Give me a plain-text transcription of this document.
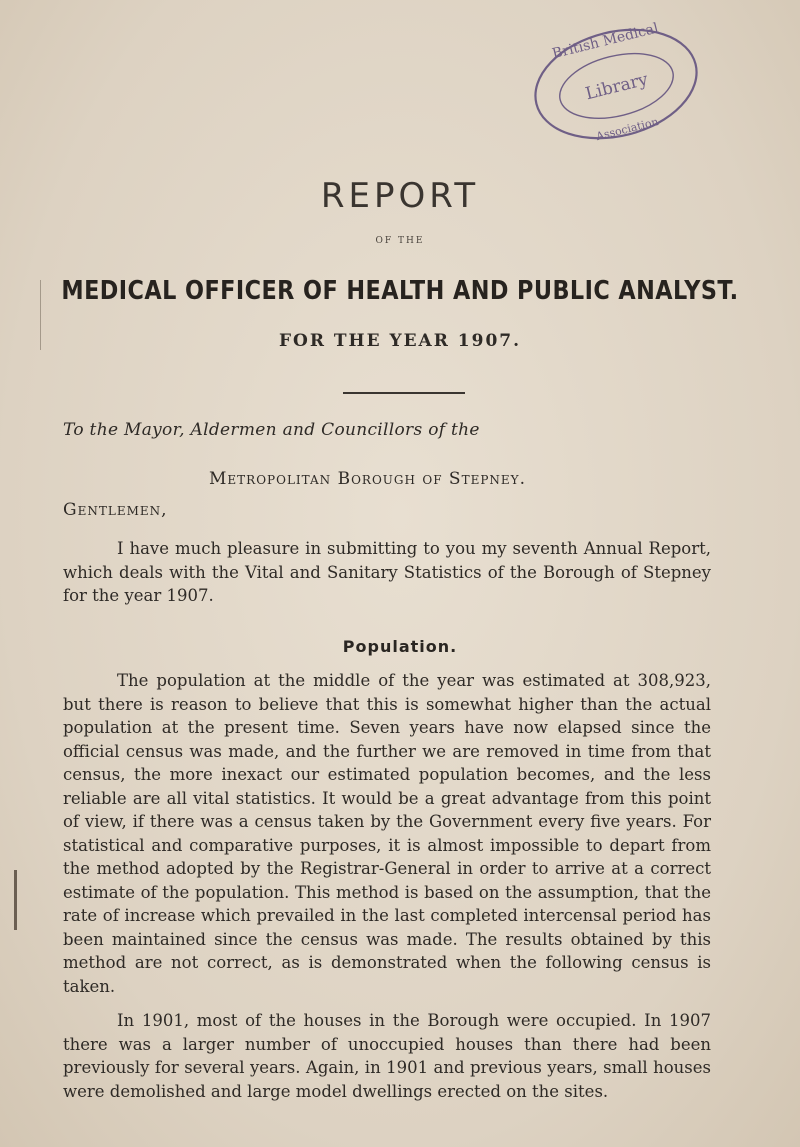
British Medical
Library
Association
REPORT
OF THE
MEDICAL OFFICER OF HEALTH AND PUBLIC ANALYST.
FOR THE YEAR 1907.
To the Mayor, Aldermen and Councillors of the
Metropolitan Borough of Stepney.
Gentlemen,

I have much pleasure in submitting to you my seventh Annual Report, which deals with the Vital and Sanitary Statistics of the Borough of Stepney for the year 1907.

Population.

The population at the middle of the year was estimated at 308,923, but there is reason to believe that this is somewhat higher than the actual population at the present time. Seven years have now elapsed since the official census was made, and the further we are removed in time from that census, the more inexact our estimated population becomes, and the less reliable are all vital statistics. It would be a great advantage from this point of view, if there was a census taken by the Government every five years. For statistical and comparative purposes, it is almost impossible to depart from the method adopted by the Registrar-General in order to arrive at a correct estimate of the population. This method is based on the assumption, that the rate of increase which prevailed in the last completed intercensal period has been maintained since the census was made. The results obtained by this method are not correct, as is demonstrated when the following census is taken.

In 1901, most of the houses in the Borough were occupied. In 1907 there was a larger number of unoccupied houses than there had been previously for several years. Again, in 1901 and previous years, small houses were demolished and large model dwellings erected on the sites.
